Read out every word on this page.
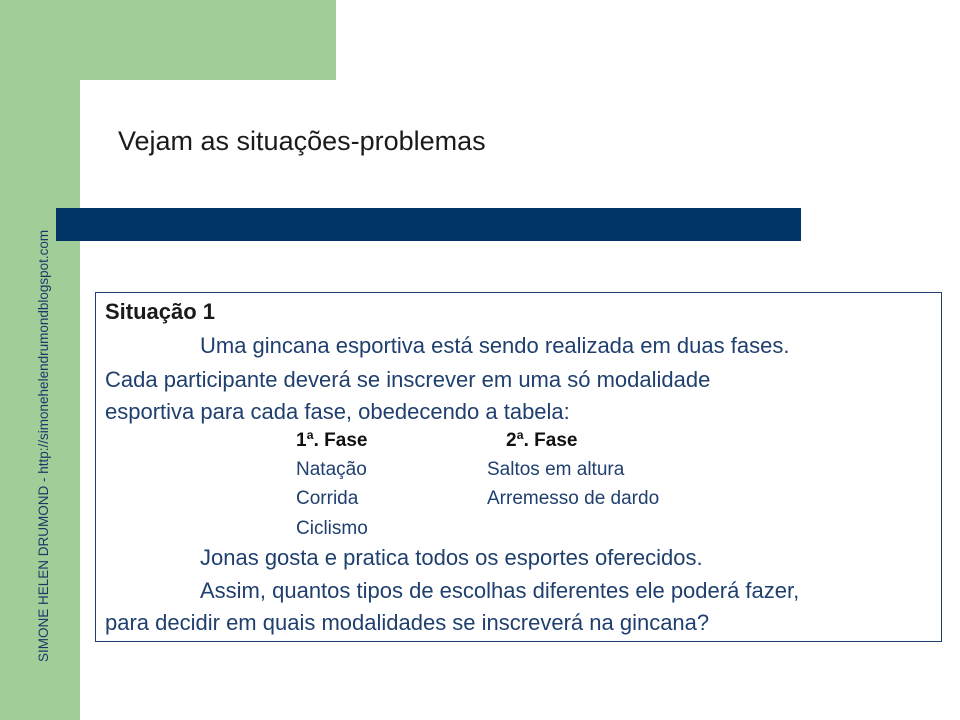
SIMONE HELEN DRUMOND - http://simonehelendrumondblogspot.com
Vejam as situações-problemas
Situação 1
Uma gincana esportiva está sendo realizada em duas fases.
Cada participante deverá se inscrever em uma só modalidade
esportiva para cada fase, obedecendo a tabela:
1ª. Fase	2ª. Fase
Natação	Saltos em altura
Corrida	Arremesso de dardo
Ciclismo
Jonas gosta e pratica todos os esportes oferecidos.
Assim, quantos tipos de escolhas diferentes ele poderá fazer,
para decidir em quais modalidades se inscreverá na gincana?
